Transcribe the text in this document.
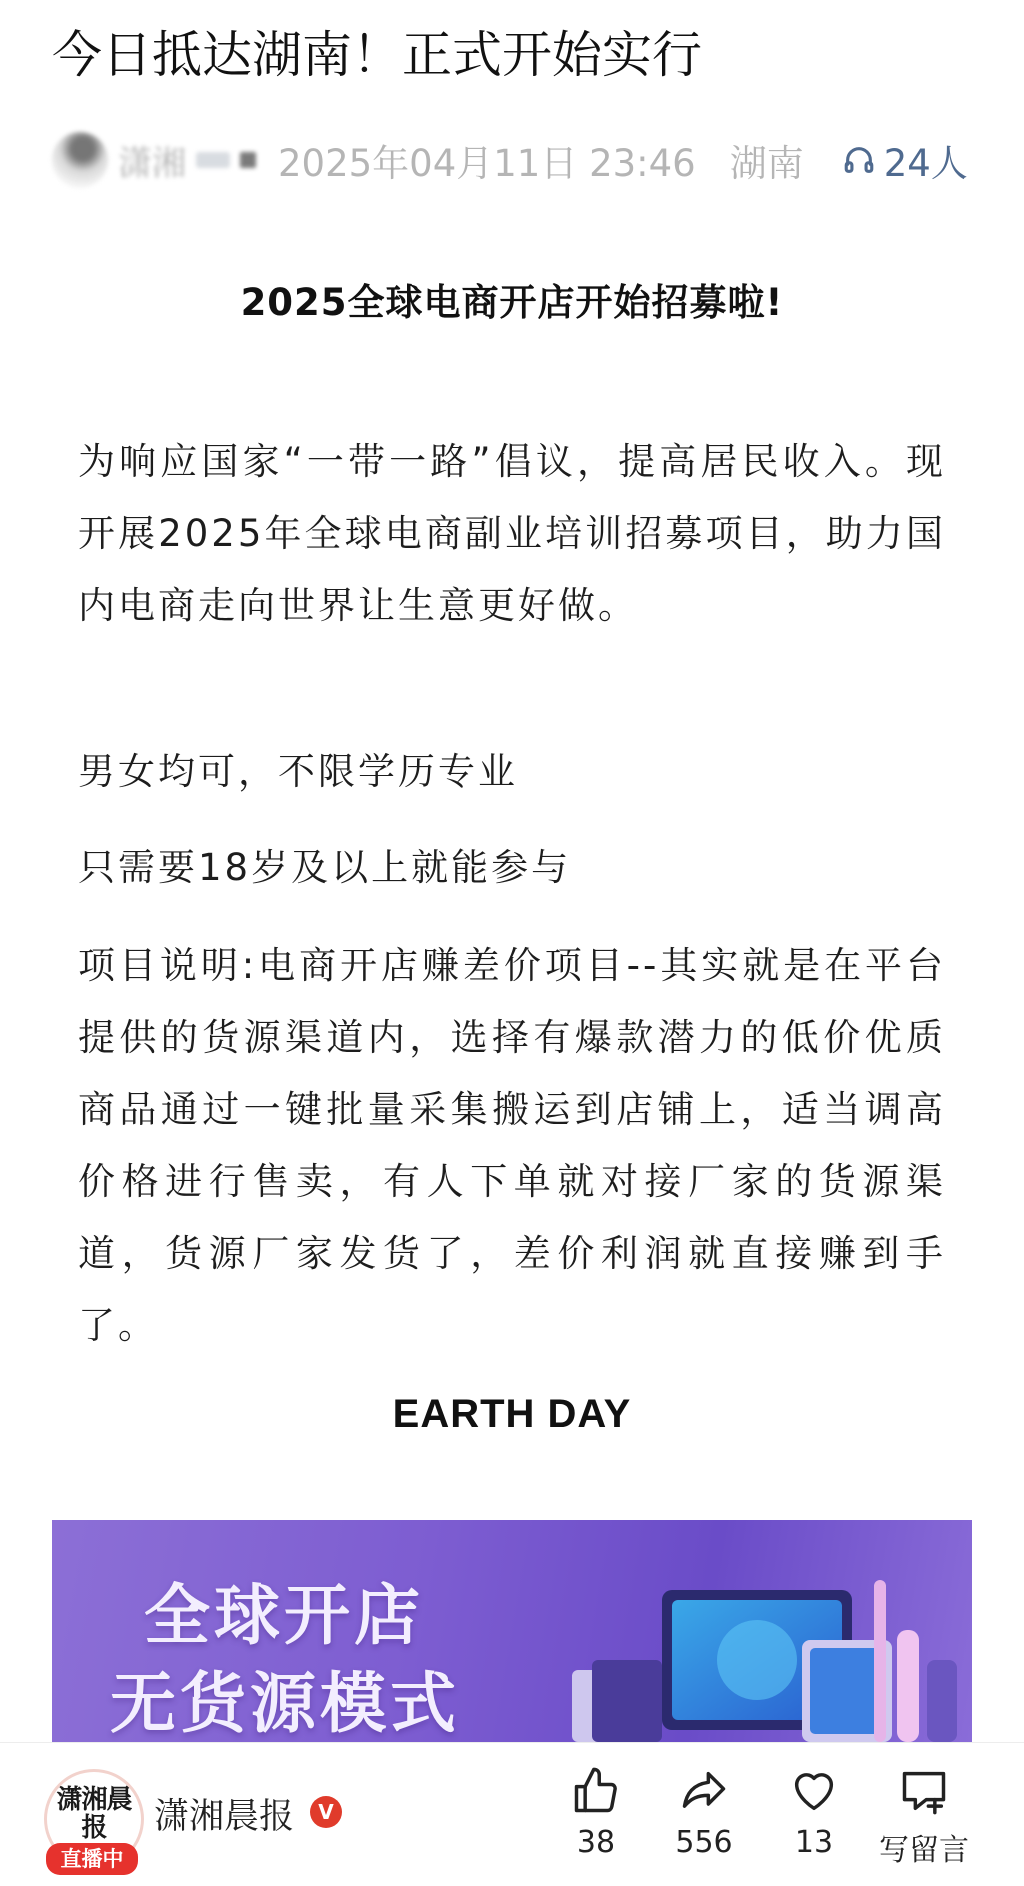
今日抵达湖南！正式开始实行
潇湘 2025年04月11日 23:46 湖南 24人
2025全球电商开店开始招募啦!
为响应国家“一带一路”倡议，提高居民收入。现开展2025年全球电商副业培训招募项目，助力国内电商走向世界让生意更好做。
男女均可，不限学历专业
只需要18岁及以上就能参与
项目说明:电商开店赚差价项目--其实就是在平台提供的货源渠道内，选择有爆款潜力的低价优质商品通过一键批量采集搬运到店铺上，适当调高价格进行售卖，有人下单就对接厂家的货源渠道，货源厂家发货了，差价利润就直接赚到手了。
EARTH DAY
全球开店
无货源模式
潇湘晨报
直播中
潇湘晨报	V
38	556	13	写留言
